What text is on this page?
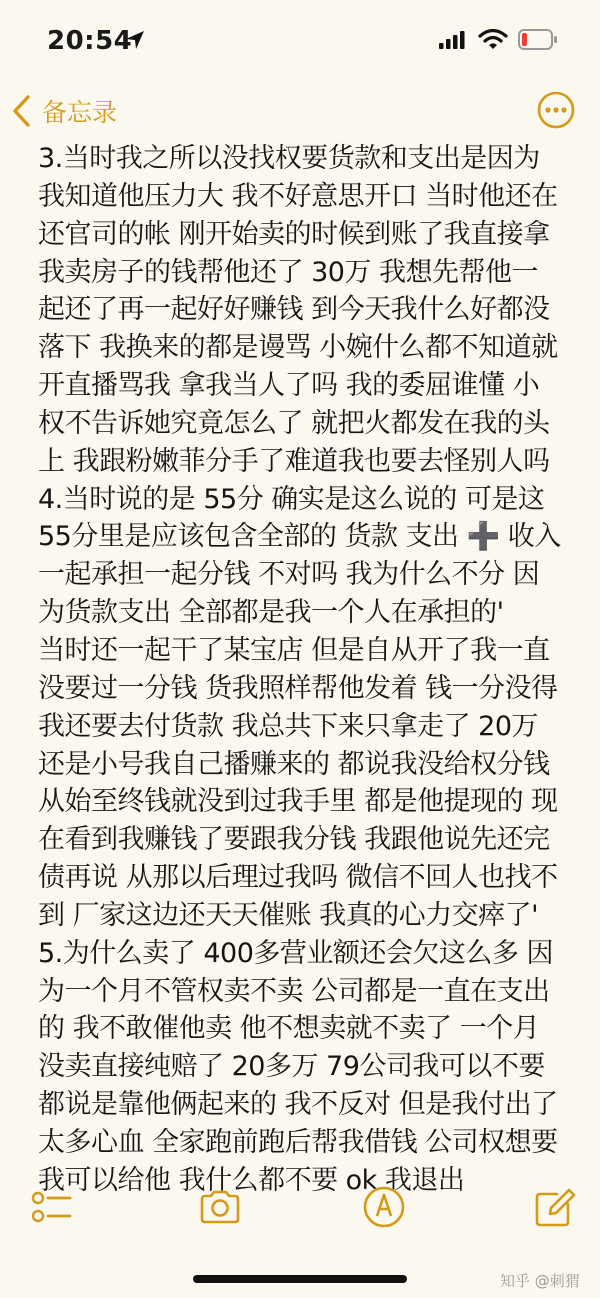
20:54
备忘录
3.当时我之所以没找权要货款和支出是因为
我知道他压力大 我不好意思开口 当时他还在
还官司的帐 刚开始卖的时候到账了我直接拿
我卖房子的钱帮他还了 30万 我想先帮他一
起还了再一起好好赚钱 到今天我什么好都没
落下 我换来的都是谩骂 小婉什么都不知道就
开直播骂我 拿我当人了吗 我的委屈谁懂 小
权不告诉她究竟怎么了 就把火都发在我的头
上 我跟粉嫩菲分手了难道我也要去怪别人吗
4.当时说的是 55分 确实是这么说的 可是这
55分里是应该包含全部的 货款 支出 ➕ 收入
一起承担一起分钱 不对吗 我为什么不分 因
为货款支出 全部都是我一个人在承担的'
当时还一起干了某宝店 但是自从开了我一直
没要过一分钱 货我照样帮他发着 钱一分没得
我还要去付货款 我总共下来只拿走了 20万
还是小号我自己播赚来的 都说我没给权分钱
从始至终钱就没到过我手里 都是他提现的 现
在看到我赚钱了要跟我分钱 我跟他说先还完
债再说 从那以后理过我吗 微信不回人也找不
到 厂家这边还天天催账 我真的心力交瘁了'
5.为什么卖了 400多营业额还会欠这么多 因
为一个月不管权卖不卖 公司都是一直在支出
的 我不敢催他卖 他不想卖就不卖了 一个月
没卖直接纯赔了 20多万 79公司我可以不要
都说是靠他俩起来的 我不反对 但是我付出了
太多心血 全家跑前跑后帮我借钱 公司权想要
我可以给他 我什么都不要 ok 我退出
知乎 @刺猬
